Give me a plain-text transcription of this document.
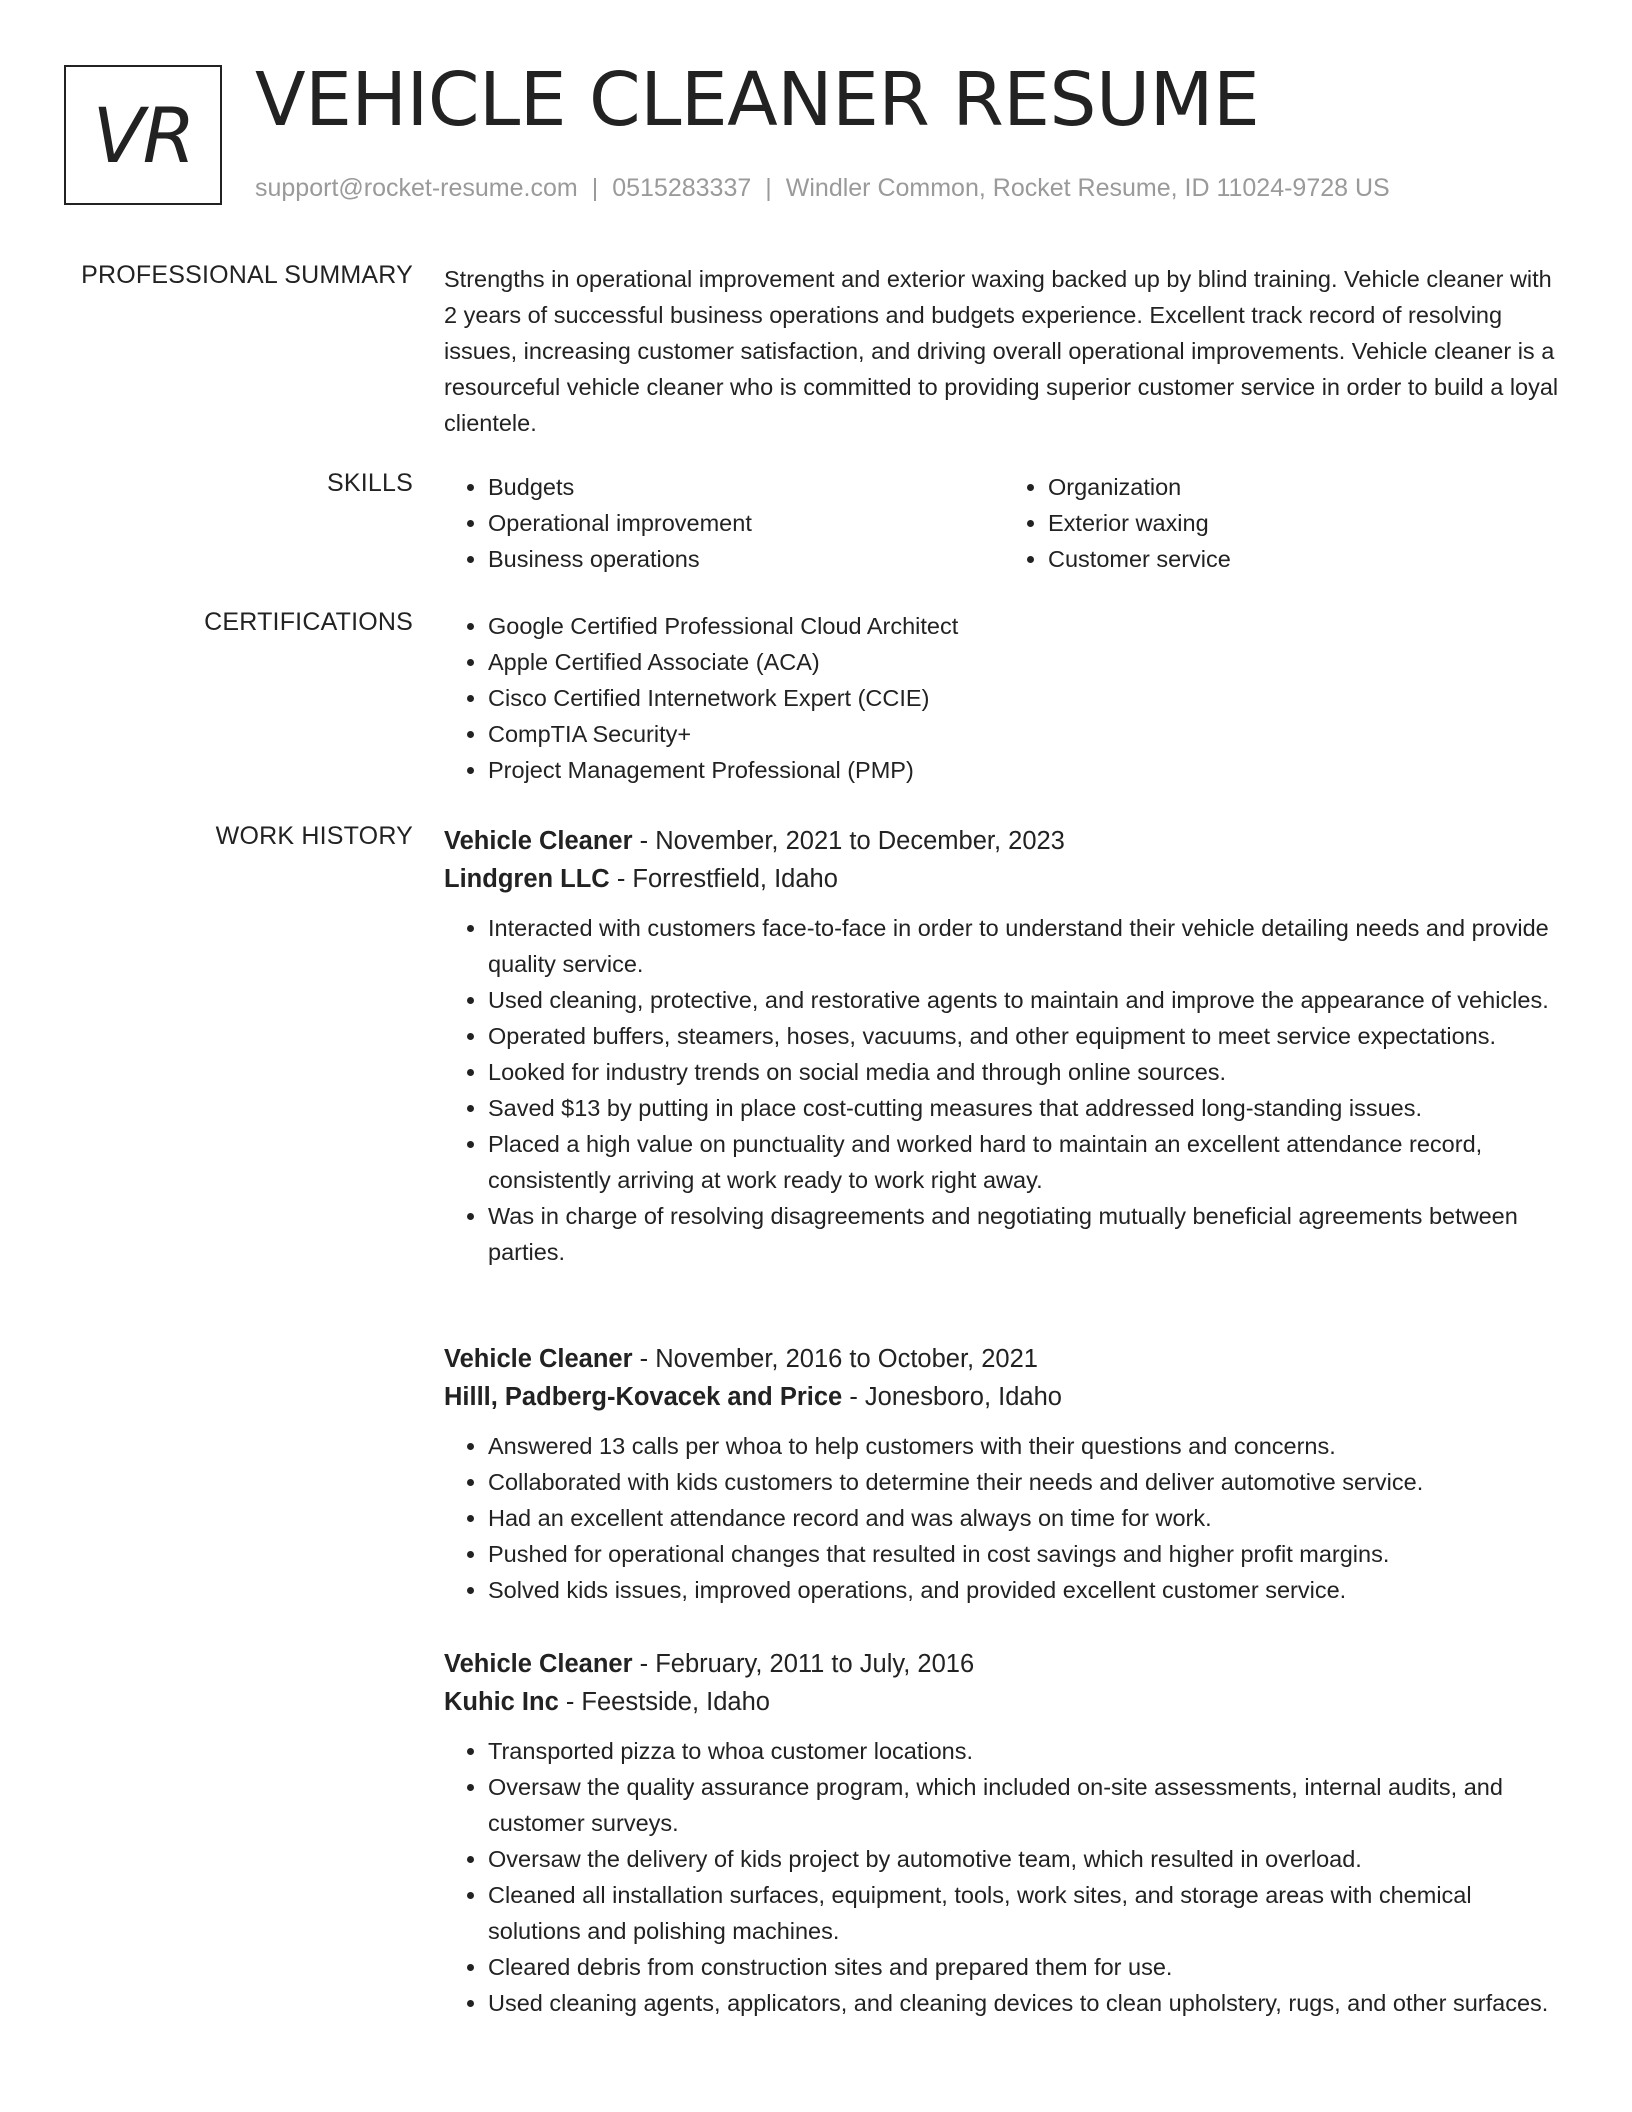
VR VEHICLE CLEANER RESUME
support@rocket-resume.com | 0515283337 | Windler Common, Rocket Resume, ID 11024-9728 US
PROFESSIONAL SUMMARY Strengths in operational improvement and exterior waxing backed up by blind training. Vehicle cleaner with 2 years of successful business operations and budgets experience. Excellent track record of resolving issues, increasing customer satisfaction, and driving overall operational improvements. Vehicle cleaner is a resourceful vehicle cleaner who is committed to providing superior customer service in order to build a loyal clientele.

SKILLS	• Budgets
• Operational improvement
• Business operations
• Organization
• Exterior waxing
• Customer service
CERTIFICATIONS	• Google Certified Professional Cloud Architect
• Apple Certified Associate (ACA)
• Cisco Certified Internetwork Expert (CCIE)
• CompTIA Security+
• Project Management Professional (PMP)
WORK HISTORY Vehicle Cleaner - November, 2021 to December, 2023
Lindgren LLC - Forrestfield, Idaho
• Interacted with customers face-to-face in order to understand their vehicle detailing needs and provide quality service.
• Used cleaning, protective, and restorative agents to maintain and improve the appearance of vehicles.
• Operated buffers, steamers, hoses, vacuums, and other equipment to meet service expectations.
• Looked for industry trends on social media and through online sources.
• Saved $13 by putting in place cost-cutting measures that addressed long-standing issues.
• Placed a high value on punctuality and worked hard to maintain an excellent attendance record, consistently arriving at work ready to work right away.
• Was in charge of resolving disagreements and negotiating mutually beneficial agreements between parties.
Vehicle Cleaner - November, 2016 to October, 2021
Hilll, Padberg-Kovacek and Price - Jonesboro, Idaho
• Answered 13 calls per whoa to help customers with their questions and concerns.
• Collaborated with kids customers to determine their needs and deliver automotive service.
• Had an excellent attendance record and was always on time for work.
• Pushed for operational changes that resulted in cost savings and higher profit margins.
• Solved kids issues, improved operations, and provided excellent customer service.
Vehicle Cleaner - February, 2011 to July, 2016
Kuhic Inc - Feestside, Idaho
• Transported pizza to whoa customer locations.
• Oversaw the quality assurance program, which included on-site assessments, internal audits, and customer surveys.
• Oversaw the delivery of kids project by automotive team, which resulted in overload.
• Cleaned all installation surfaces, equipment, tools, work sites, and storage areas with chemical solutions and polishing machines.
• Cleared debris from construction sites and prepared them for use.
• Used cleaning agents, applicators, and cleaning devices to clean upholstery, rugs, and other surfaces.
